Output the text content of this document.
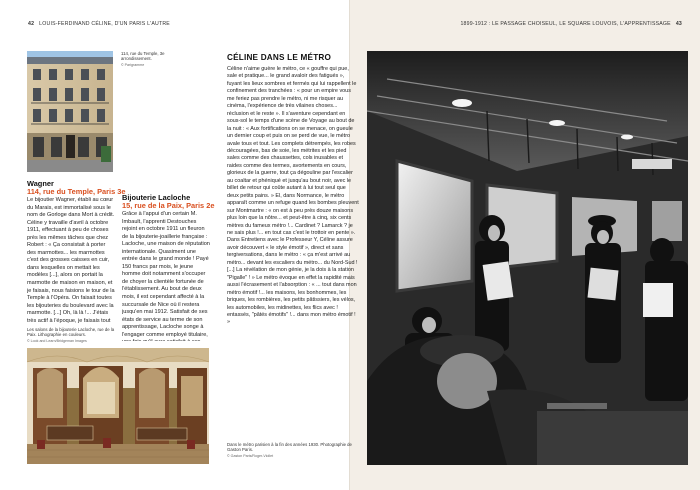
42 LOUIS-FERDINAND CÉLINE, D'UN PARIS L'AUTRE
114, rue du Temple, 3e arrondissement.
© Parigramme
Wagner
114, rue du Temple, Paris 3e

Le bijoutier Wagner, établi au cœur du Marais, est immortalisé sous le nom de Gorloge dans Mort à crédit. Céline y travaille d'avril à octobre 1911, effectuant à peu de choses près les mêmes tâches que chez Robert : « Ça consistait à porter des marmottes... les marmottes c'est des grosses caisses en cuir, dans lesquelles on mettait les modèles [...], alors on portait la marmotte de maison en maison, et je faisais, nous faisions le tour de la Temple à l'Opéra. On faisait toutes les bijouteries du boulevard avec la marmotte. [...] Oh, là là !... J'étais très actif à l'époque, je faisais tout

Bijouterie Lacloche
15, rue de la Paix, Paris 2e

Grâce à l'appui d'un certain M. Imbault, l'apprenti Destouches rejoint en octobre 1911 un fleuron de la bijouterie-joaillerie française : Lacloche, une maison de réputation internationale. Quasiment une entrée dans le grand monde ! Payé 150 francs par mois, le jeune homme doit notamment s'occuper de choyer la clientèle fortunée de l'établissement. Au bout de deux mois, il est cependant affecté à la succursale de Nice où il restera jusqu'en mai 1912. Satisfait de ses états de service au terme de son apprentissage, Lacloche songe à l'engager comme employé titulaire,

Les salons de la bijouterie Lacloche, rue de la Paix. Lithographie en couleurs.
© Look and Learn/Bridgeman Images
1899-1912 : LE PASSAGE CHOISEUL, LE SQUARE LOUVOIS, L'APPRENTISSAGE 43
CÉLINE DANS LE MÉTRO

Céline n'aime guère le métro, ce « gouffre qui pue, sale et pratique... le grand avaloir des fatigués », fuyant les lieux sombres et fermés qui lui rappellent le confinement des tranchées : « pour un empire vous me feriez pas prendre le métro, ni me risquer au cinéma, l'expérience de très vilaines choses... réclusion et le reste ». Il s'aventure cependant en sous-sol le temps d'une scène de Voyage au bout de la nuit : « Aux fortifications on se menace, on gueule un dernier coup et puis on se perd de vue, le métro avale tous et tout. Les complets détrempés, les robes découragées, bas de soie, les métrites et les pied sales comme des chaussettes, cols inusables et raides comme des termes, avortements en cours, glorieux de la guerre, tout ça dégouline par l'escalier au coaltar et phéniqué et jusqu'au bout noir, avec le billet de retour qui coûte autant à lui tout seul que deux petits pains. » El, dans Normance, le métro apparaît comme un refuge quand les bombes pleuvent sur Montmartre : « on est à peu près douze maisons plus loin que la nôtre... et peut-être à cinq, six cents mètres du fameux métro !... Cardinet ? Lamarck ? je ne sais plus !... en tout cas c'est le trottoir en pente ». Dans Entretiens avec le Professeur Y, Céline assure avoir découvert « le style émotif », direct et sans tergiversations, dans le métro : « ça m'est arrivé au métro... devant les escaliers du métro... du Nord-Sud ! [...] La révélation de mon génie, je la dois à la station "Pigalle" ! » Le métro évoque en effet la rapidité mais aussi l'écrasement et l'absorption : « ... tout dans mon métro émotif !... les maisons, les bonhommes, les briques, les rombières, les petits pâtissiers, les vélos, les automobiles, les midinettes, les flics avec ! entassés, "pâtés émotifs" !... dans mon métro émotif ! »

Dans le métro parisien à la fin des années 1930. Photographie de Gaston Paris.
© Gaston Paris/Roger-Viollet
